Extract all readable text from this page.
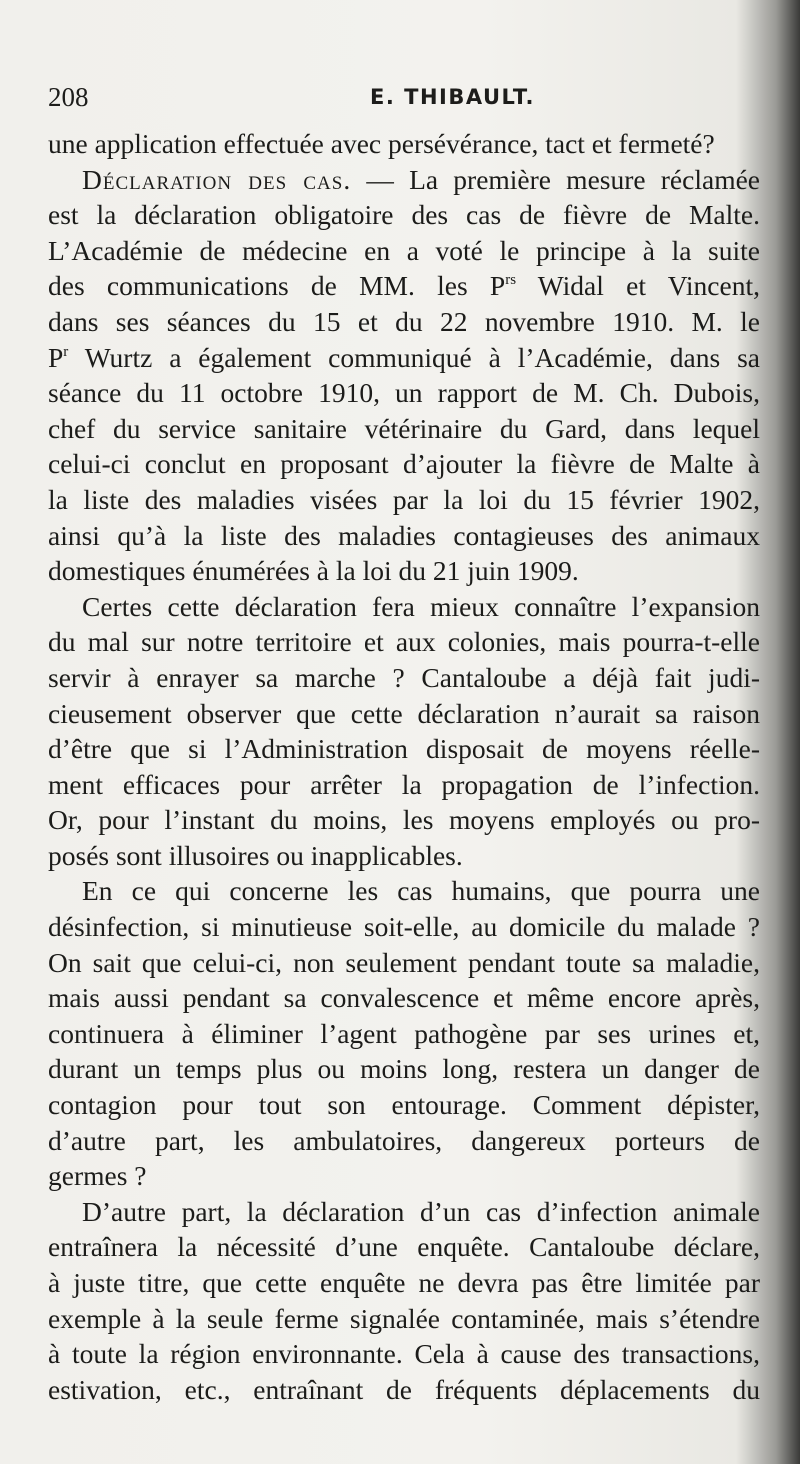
208	E. THIBAULT.
une application effectuée avec persévérance, tact et fermeté?
Déclaration des cas. — La première mesure réclamée
est la déclaration obligatoire des cas de fièvre de Malte.
L’Académie de médecine en a voté le principe à la suite
des communications de MM. les $P^{rs}$ Widal et Vincent,
dans ses séances du 15 et du 22 novembre 1910. M. le
$P^r$ Wurtz a également communiqué à l’Académie, dans sa
séance du 11 octobre 1910, un rapport de M. Ch. Dubois,
chef du service sanitaire vétérinaire du Gard, dans lequel
celui-ci conclut en proposant d’ajouter la fièvre de Malte à
la liste des maladies visées par la loi du 15 février 1902,
ainsi qu’à la liste des maladies contagieuses des animaux
domestiques énumérées à la loi du 21 juin 1909.
Certes cette déclaration fera mieux connaître l’expansion
du mal sur notre territoire et aux colonies, mais pourra-t-elle
servir à enrayer sa marche ? Cantaloube a déjà fait judi-
cieusement observer que cette déclaration n’aurait sa raison
d’être que si l’Administration disposait de moyens réelle-
ment efficaces pour arrêter la propagation de l’infection.
Or, pour l’instant du moins, les moyens employés ou pro-
posés sont illusoires ou inapplicables.
En ce qui concerne les cas humains, que pourra une
désinfection, si minutieuse soit-elle, au domicile du malade ?
On sait que celui-ci, non seulement pendant toute sa maladie,
mais aussi pendant sa convalescence et même encore après,
continuera à éliminer l’agent pathogène par ses urines et,
durant un temps plus ou moins long, restera un danger de
contagion pour tout son entourage. Comment dépister,
d’autre part, les ambulatoires, dangereux porteurs de
germes ?
D’autre part, la déclaration d’un cas d’infection animale
entraînera la nécessité d’une enquête. Cantaloube déclare,
à juste titre, que cette enquête ne devra pas être limitée par
exemple à la seule ferme signalée contaminée, mais s’étendre
à toute la région environnante. Cela à cause des transactions,
estivation, etc., entraînant de fréquents déplacements du
